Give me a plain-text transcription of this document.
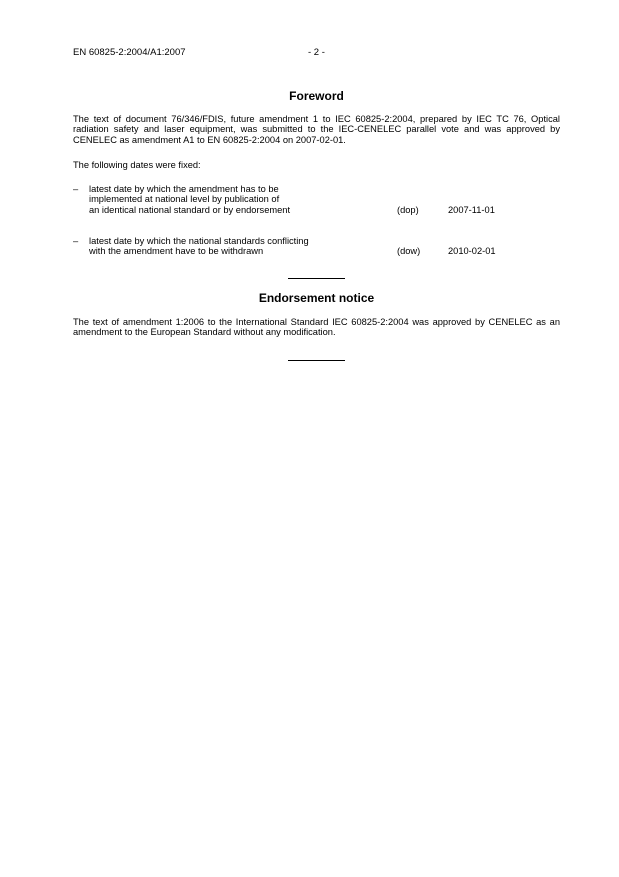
EN 60825-2:2004/A1:2007	- 2 -
Foreword
The text of document 76/346/FDIS, future amendment 1 to IEC 60825-2:2004, prepared by IEC TC 76, Optical radiation safety and laser equipment, was submitted to the IEC-CENELEC parallel vote and was approved by CENELEC as amendment A1 to EN 60825-2:2004 on 2007-02-01.
The following dates were fixed:
– latest date by which the amendment has to be
implemented at national level by publication of
an identical national standard or by endorsement	(dop)	2007-11-01
– latest date by which the national standards conflicting
with the amendment have to be withdrawn	(dow)	2010-02-01
Endorsement notice
The text of amendment 1:2006 to the International Standard IEC 60825-2:2004 was approved by CENELEC as an amendment to the European Standard without any modification.
